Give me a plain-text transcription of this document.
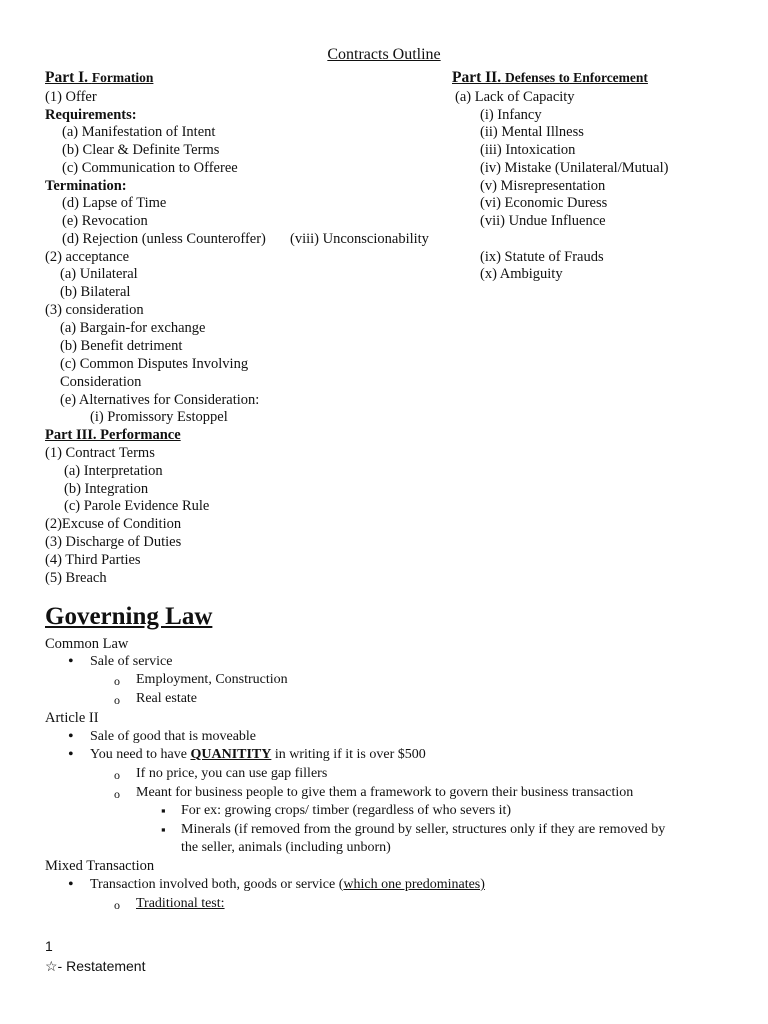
Contracts Outline
Part I. Formation
(1) Offer
Requirements:
(a) Manifestation of Intent
(b) Clear & Definite Terms
(c) Communication to Offeree
Termination:
(d) Lapse of Time
(e) Revocation
(d) Rejection (unless Counteroffer)
(2) acceptance
(a) Unilateral
(b) Bilateral
(3) consideration
(a) Bargain-for exchange
(b) Benefit detriment
(c) Common Disputes Involving
Consideration
(e) Alternatives for Consideration:
(i) Promissory Estoppel
Part II. Defenses to Enforcement
(a) Lack of Capacity
(i) Infancy
(ii) Mental Illness
(iii) Intoxication
(iv) Mistake (Unilateral/Mutual)
(v) Misrepresentation
(vi) Economic Duress
(vii) Undue Influence
(viii) Unconscionability
(ix) Statute of Frauds
(x) Ambiguity
Part III. Performance
(1) Contract Terms
(a) Interpretation
(b) Integration
(c) Parole Evidence Rule
(2)Excuse of Condition
(3) Discharge of Duties
(4) Third Parties
(5) Breach
Governing Law
Common Law
• Sale of service
o Employment, Construction
o Real estate
Article II
• Sale of good that is moveable
• You need to have QUANITITY in writing if it is over $500
o If no price, you can use gap fillers
o Meant for business people to give them a framework to govern their business transaction
▪ For ex: growing crops/ timber (regardless of who severs it)
▪ Minerals (if removed from the ground by seller, structures only if they are removed by
the seller, animals (including unborn)
Mixed Transaction
• Transaction involved both, goods or service (which one predominates)
o Traditional test:
1
☆- Restatement
